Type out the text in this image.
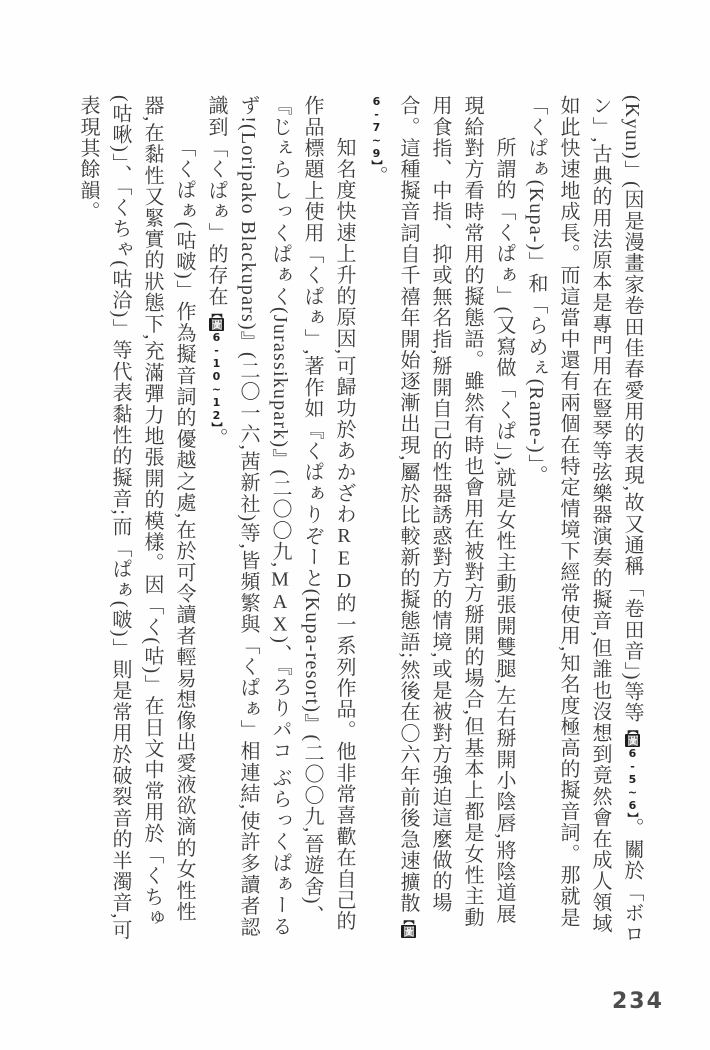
(Kyun)」(因是漫畫家卷田佳春愛用的表現,故又通稱「卷田音」)等等【圖6-5~6】。關於「ボロン」,古典的用法原本是專門用在豎琴等弦樂器演奏的擬音,但誰也沒想到竟然會在成人領域如此快速地成長。而這當中還有兩個在特定情境下經常使用,知名度極高的擬音詞。那就是「くぱぁ(Kupa-)」和「らめぇ(Rame-)」。

所謂的「くぱぁ」(又寫做「くぱ」),就是女性主動張開雙腿,左右掰開小陰唇,將陰道展現給對方看時常用的擬態語。雖然有時也會用在被對方掰開的場合,但基本上都是女性主動用食指、中指、抑或無名指,掰開自己的性器誘惑對方的情境,或是被對方強迫這麼做的場合。這種擬音詞自千禧年開始逐漸出現,屬於比較新的擬態語;然後在〇六年前後急速擴散【圖6-7~9】。

知名度快速上升的原因,可歸功於あかざわRED的一系列作品。他非常喜歡在自己的作品標題上使用「くぱぁ」,著作如『くぱぁりぞーと(Kupa-resort)』(二〇〇九,晉遊舍)、『じぇらしっくぱぁく(Jurassikupark)』(二〇〇九,MAX)、『ろりパコ ぶらっくぱぁーるず!(Loripako Blackupars)』(二〇一六,茜新社)等,皆頻繁與「くぱぁ」相連結,使許多讀者認識到「くぱぁ」的存在【圖6-10~12】。

「くぱぁ(咕啵)」作為擬音詞的優越之處,在於可令讀者輕易想像出愛液欲滴的女性性器,在黏性又緊實的狀態下,充滿彈力地張開的模樣。因「く(咕)」在日文中常用於「くちゅ(咕啾)」、「くちゃ(咕洽)」等代表黏性的擬音;而「ぱぁ(啵)」則是常用於破裂音的半濁音,可表現其餘韻。

234
